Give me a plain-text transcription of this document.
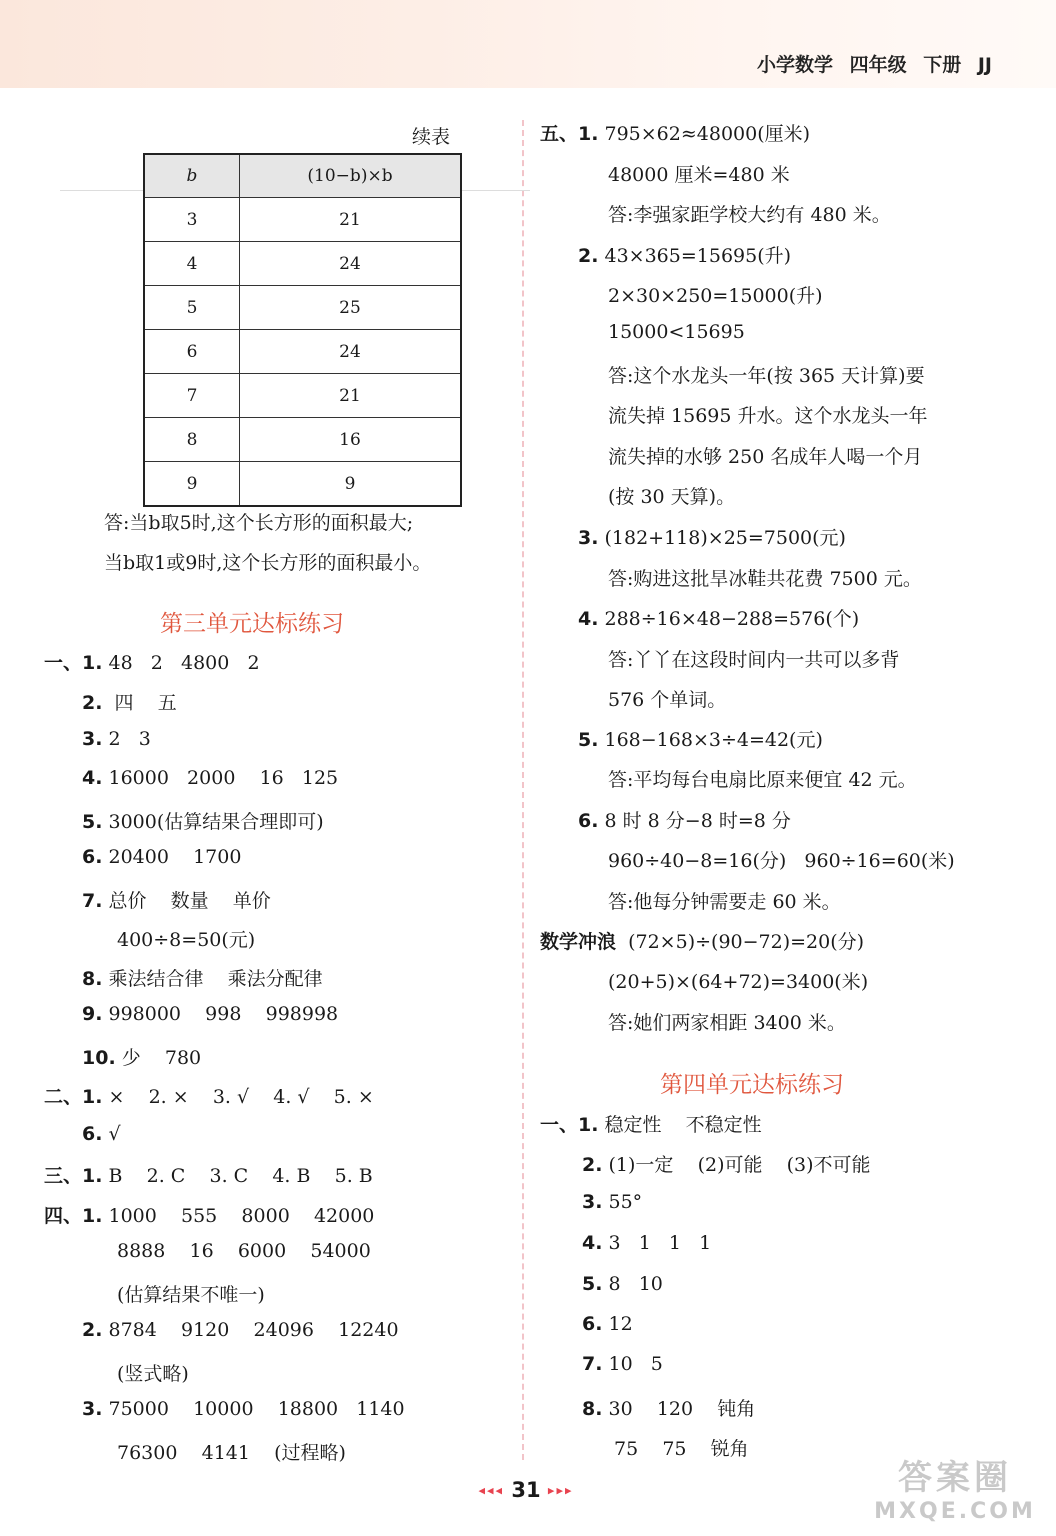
小学数学 四年级 下册 JJ
续表
b	(10−b)×b
3	21
4	24
5	25
6	24
7	21
8	16
9	9
答:当b取5时,这个长方形的面积最大;
当b取1或9时,这个长方形的面积最小。
第三单元达标练习
一、1. 48   2   4800   2
2.  四    五
3. 2   3
4. 16000   2000    16   125
5. 3000(估算结果合理即可)
6. 20400    1700
7. 总价    数量    单价
400÷8=50(元)
8. 乘法结合律    乘法分配律
9. 998000    998    998998
10. 少    780
二、1. ×    2. ×    3. √    4. √    5. ×
6. √
三、1. B    2. C    3. C    4. B    5. B
四、1. 1000    555    8000    42000
8888    16    6000    54000
(估算结果不唯一)
2. 8784    9120    24096    12240
(竖式略)
3. 75000    10000    18800   1140
76300    4141    (过程略)
五、1. 795×62≈48000(厘米)
48000 厘米=480 米
答:李强家距学校大约有 480 米。
2. 43×365=15695(升)
2×30×250=15000(升)
15000<15695
答:这个水龙头一年(按 365 天计算)要
流失掉 15695 升水。这个水龙头一年
流失掉的水够 250 名成年人喝一个月
(按 30 天算)。
3. (182+118)×25=7500(元)
答:购进这批旱冰鞋共花费 7500 元。
4. 288÷16×48−288=576(个)
答:丫丫在这段时间内一共可以多背
576 个单词。
5. 168−168×3÷4=42(元)
答:平均每台电扇比原来便宜 42 元。
6. 8 时 8 分−8 时=8 分
960÷40−8=16(分)   960÷16=60(米)
答:他每分钟需要走 60 米。
数学冲浪  (72×5)÷(90−72)=20(分)
(20+5)×(64+72)=3400(米)
答:她们两家相距 3400 米。
第四单元达标练习
一、1. 稳定性    不稳定性
2. (1)一定    (2)可能    (3)不可能
3. 55°
4. 3   1   1   1
5. 8   10
6. 12
7. 10   5
8. 30    120    钝角
75    75    锐角
◂◂◂ 31 ▸▸▸	答案圈
MXQE.COM
